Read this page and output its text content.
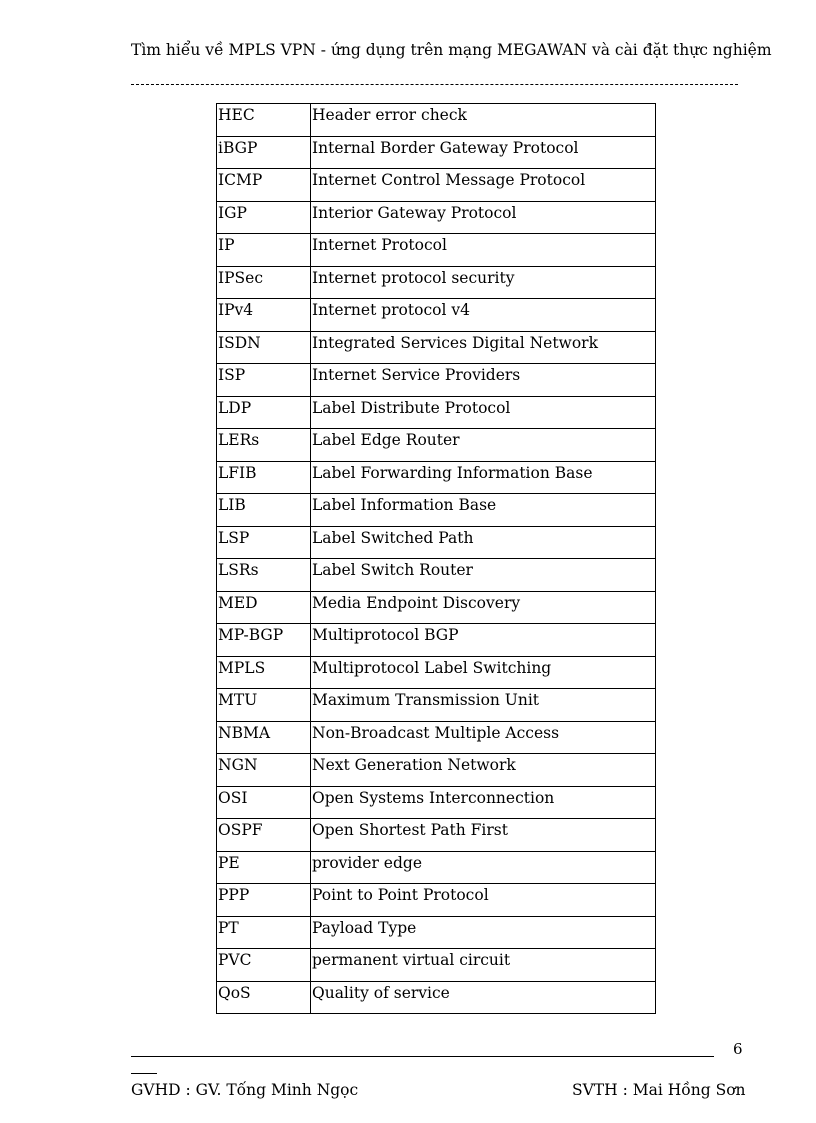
Tìm hiểu về MPLS VPN - ứng dụng trên mạng MEGAWAN và cài đặt thực nghiệm
HEC	Header error check
iBGP	Internal Border Gateway Protocol
ICMP	Internet Control Message Protocol
IGP	Interior Gateway Protocol
IP	Internet Protocol
IPSec	Internet protocol security
IPv4	Internet protocol v4
ISDN	Integrated Services Digital Network
ISP	Internet Service Providers
LDP	Label Distribute Protocol
LERs	Label Edge Router
LFIB	Label Forwarding Information Base
LIB	Label Information Base
LSP	Label Switched Path
LSRs	Label Switch Router
MED	Media Endpoint Discovery
MP-BGP	Multiprotocol BGP
MPLS	Multiprotocol Label Switching
MTU	Maximum Transmission Unit
NBMA	Non-Broadcast Multiple Access
NGN	Next Generation Network
OSI	Open Systems Interconnection
OSPF	Open Shortest Path First
PE	provider edge
PPP	Point to Point Protocol
PT	Payload Type
PVC	permanent virtual circuit
QoS	Quality of service
6
GVHD : GV. Tống Minh Ngọc	SVTH : Mai Hồng Sơn
